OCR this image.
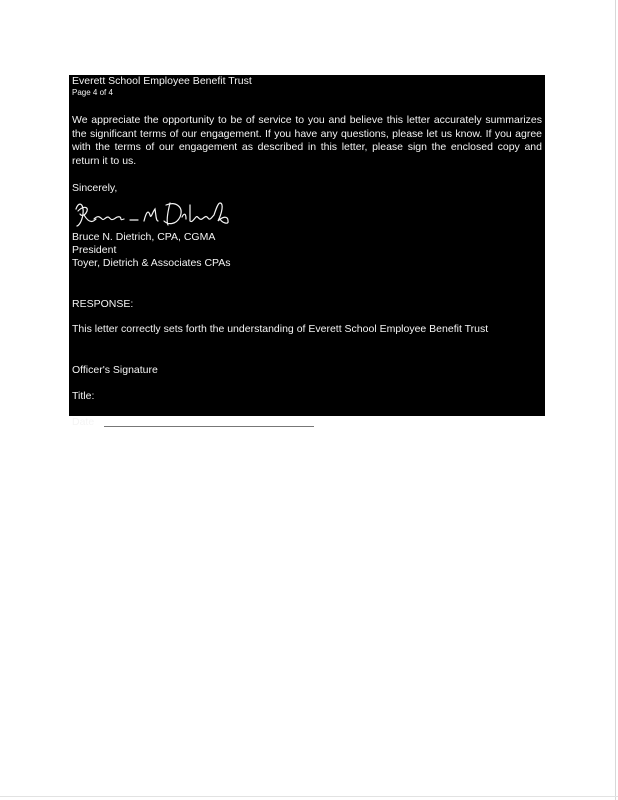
Everett School Employee Benefit Trust

Page 4 of 4

We appreciate the opportunity to be of service to you and believe this letter accurately summarizes the significant terms of our engagement. If you have any questions, please let us know. If you agree with the terms of our engagement as described in this letter, please sign the enclosed copy and return it to us.

Sincerely,

Bruce N. Dietrich, CPA, CGMA

President

Toyer, Dietrich & Associates CPAs

RESPONSE:

This letter correctly sets forth the understanding of Everett School Employee Benefit Trust

Officer's Signature

Title:

Date
